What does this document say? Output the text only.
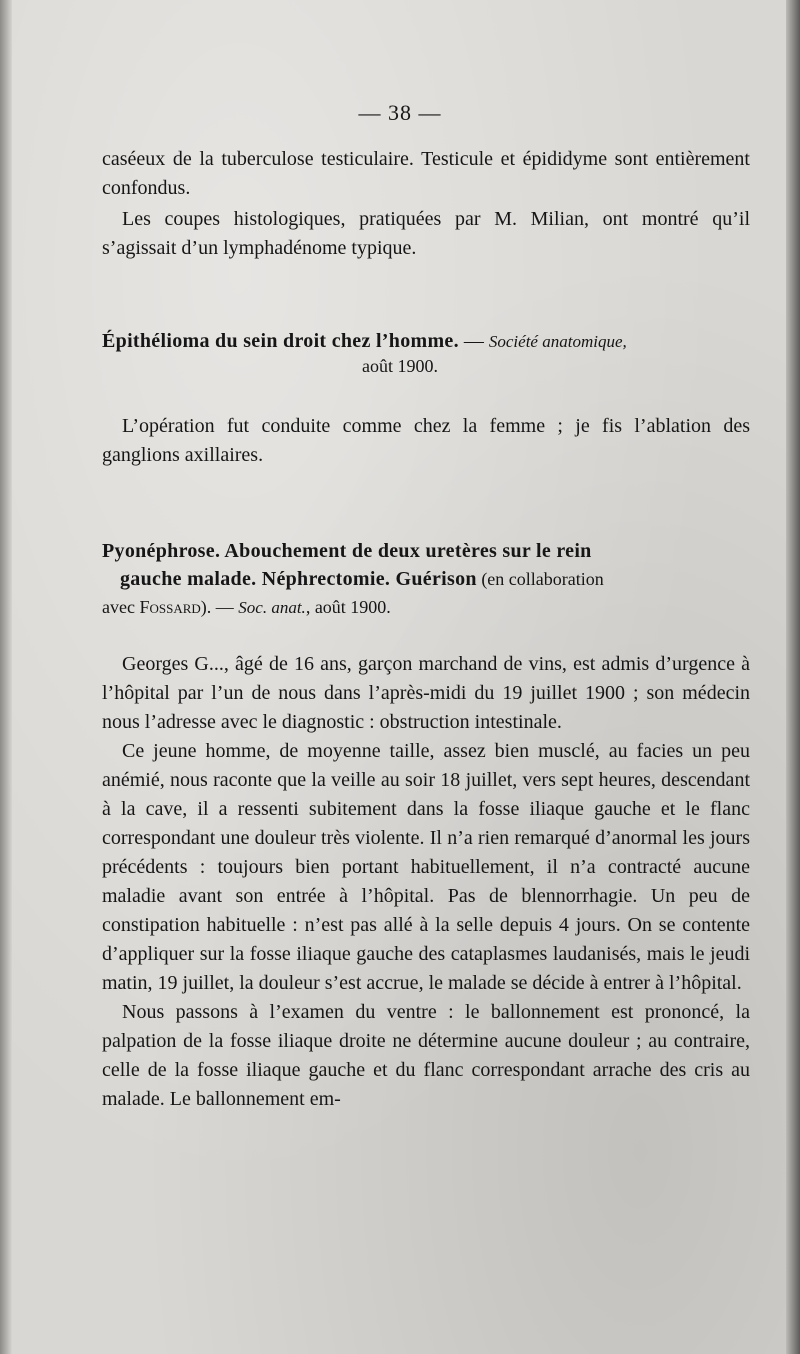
— 38 —

caséeux de la tuberculose testiculaire. Testicule et épididyme sont entièrement confondus.

Les coupes histologiques, pratiquées par M. Milian, ont montré qu’il s’agissait d’un lymphadénome typique.

Épithélioma du sein droit chez l’homme. — Société anatomique,
août 1900.

L’opération fut conduite comme chez la femme ; je fis l’ablation des ganglions axillaires.

Pyonéphrose. Abouchement de deux uretères sur le rein
gauche malade. Néphrectomie. Guérison (en collaboration
avec Fossard). — Soc. anat., août 1900.

Georges G..., âgé de 16 ans, garçon marchand de vins, est admis d’urgence à l’hôpital par l’un de nous dans l’après-midi du 19 juillet 1900 ; son médecin nous l’adresse avec le diagnostic : obstruction intestinale.

Ce jeune homme, de moyenne taille, assez bien musclé, au facies un peu anémié, nous raconte que la veille au soir 18 juillet, vers sept heures, descendant à la cave, il a ressenti subitement dans la fosse iliaque gauche et le flanc correspondant une douleur très violente. Il n’a rien remarqué d’anormal les jours précédents : toujours bien portant habituellement, il n’a contracté aucune maladie avant son entrée à l’hôpital. Pas de blennorrhagie. Un peu de constipation habituelle : n’est pas allé à la selle depuis 4 jours. On se contente d’appliquer sur la fosse iliaque gauche des cataplasmes laudanisés, mais le jeudi matin, 19 juillet, la douleur s’est accrue, le malade se décide à entrer à l’hôpital.

Nous passons à l’examen du ventre : le ballonnement est prononcé, la palpation de la fosse iliaque droite ne détermine aucune douleur ; au contraire, celle de la fosse iliaque gauche et du flanc correspondant arrache des cris au malade. Le ballonnement em-
